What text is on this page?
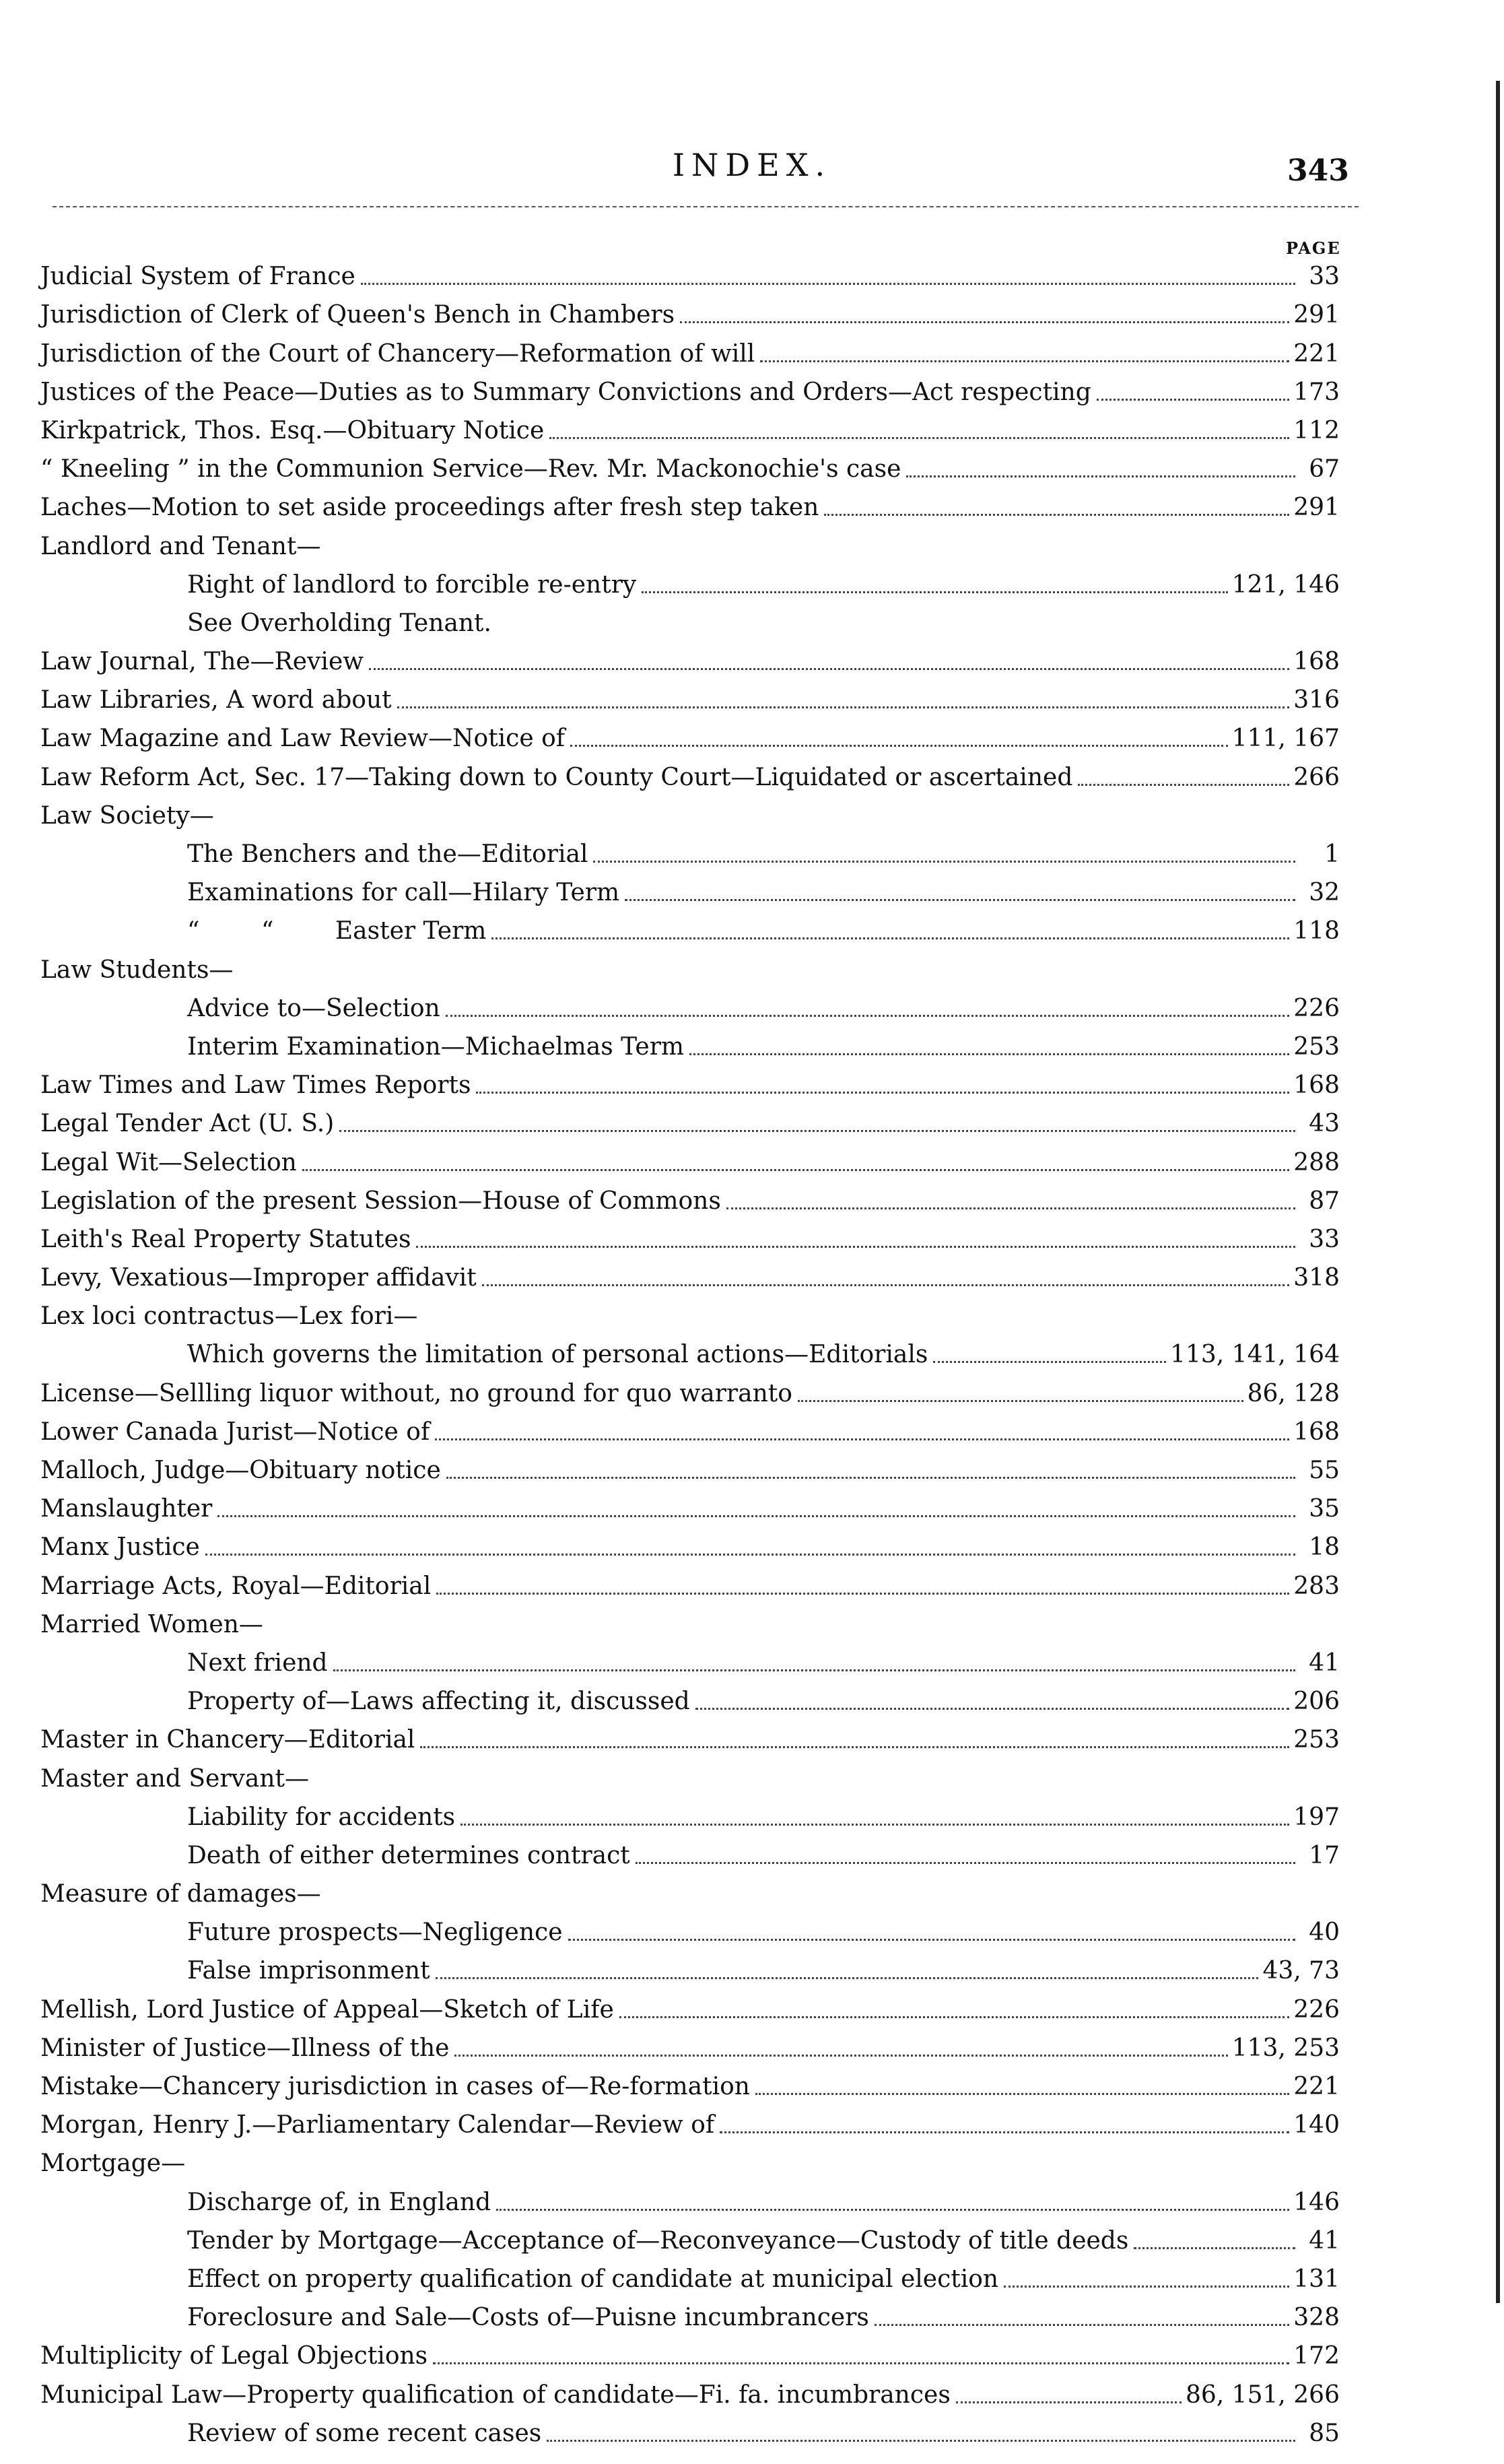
INDEX.	343
PAGE
Judicial System of France	33
Jurisdiction of Clerk of Queen's Bench in Chambers	291
Jurisdiction of the Court of Chancery—Reformation of will	221
Justices of the Peace—Duties as to Summary Convictions and Orders—Act respecting	173
Kirkpatrick, Thos. Esq.—Obituary Notice	112
“ Kneeling ” in the Communion Service—Rev. Mr. Mackonochie's case	67
Laches—Motion to set aside proceedings after fresh step taken	291
Landlord and Tenant—
Right of landlord to forcible re-entry	121, 146
See Overholding Tenant.
Law Journal, The—Review	168
Law Libraries, A word about	316
Law Magazine and Law Review—Notice of	111, 167
Law Reform Act, Sec. 17—Taking down to County Court—Liquidated or ascertained	266
Law Society—
The Benchers and the—Editorial	1
Examinations for call—Hilary Term	32
“        “        Easter Term	118
Law Students—
Advice to—Selection	226
Interim Examination—Michaelmas Term	253
Law Times and Law Times Reports	168
Legal Tender Act (U. S.)	43
Legal Wit—Selection	288
Legislation of the present Session—House of Commons	87
Leith's Real Property Statutes	33
Levy, Vexatious—Improper affidavit	318
Lex loci contractus—Lex fori—
Which governs the limitation of personal actions—Editorials	113, 141, 164
License—Sellling liquor without, no ground for quo warranto	86, 128
Lower Canada Jurist—Notice of	168
Malloch, Judge—Obituary notice	55
Manslaughter	35
Manx Justice	18
Marriage Acts, Royal—Editorial	283
Married Women—
Next friend	41
Property of—Laws affecting it, discussed	206
Master in Chancery—Editorial	253
Master and Servant—
Liability for accidents	197
Death of either determines contract	17
Measure of damages—
Future prospects—Negligence	40
False imprisonment	43, 73
Mellish, Lord Justice of Appeal—Sketch of Life	226
Minister of Justice—Illness of the	113, 253
Mistake—Chancery jurisdiction in cases of—Re-formation	221
Morgan, Henry J.—Parliamentary Calendar—Review of	140
Mortgage—
Discharge of, in England	146
Tender by Mortgage—Acceptance of—Reconveyance—Custody of title deeds	41
Effect on property qualification of candidate at municipal election	131
Foreclosure and Sale—Costs of—Puisne incumbrancers	328
Multiplicity of Legal Objections	172
Municipal Law—Property qualification of candidate—Fi. fa. incumbrances	86, 151, 266
Review of some recent cases	85
